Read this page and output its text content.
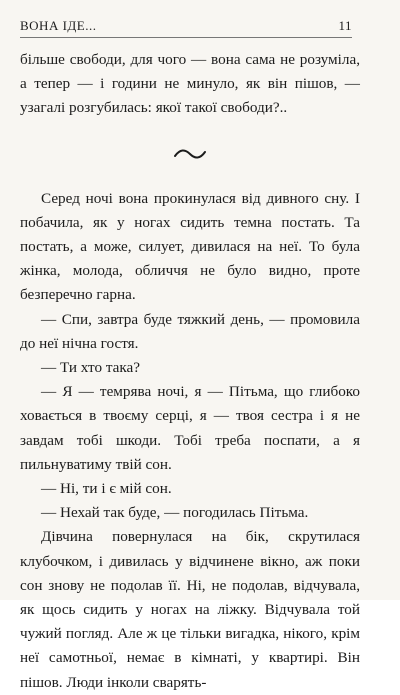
ВОНА ІДЕ...	11

більше свободи, для чого — вона сама не розуміла, а тепер — і години не минуло, як він пішов, — узагалі розгубилась: якої такої свободи?..

Серед ночі вона прокинулася від дивного сну. І побачила, як у ногах сидить темна постать. Та постать, а може, силует, дивилася на неї. То була жінка, молода, обличчя не було видно, проте безперечно гарна.

— Спи, завтра буде тяжкий день, — промовила до неї нічна гостя.

— Ти хто така?

— Я — темрява ночі, я — Пітьма, що глибоко ховається в твоєму серці, я — твоя сестра і я не завдам тобі шкоди. Тобі треба поспати, а я пильнуватиму твій сон.

— Ні, ти і є мій сон.

— Нехай так буде, — погодилась Пітьма.

Дівчина повернулася на бік, скрутилася клубочком, і дивилась у відчинене вікно, аж поки сон знову не подолав її. Ні, не подолав, відчувала, як щось сидить у ногах на ліжку. Відчувала той чужий погляд. Але ж це тільки вигадка, нікого, крім неї самотньої, немає в кімнаті, у квартирі. Він пішов. Люди інколи сварять-
